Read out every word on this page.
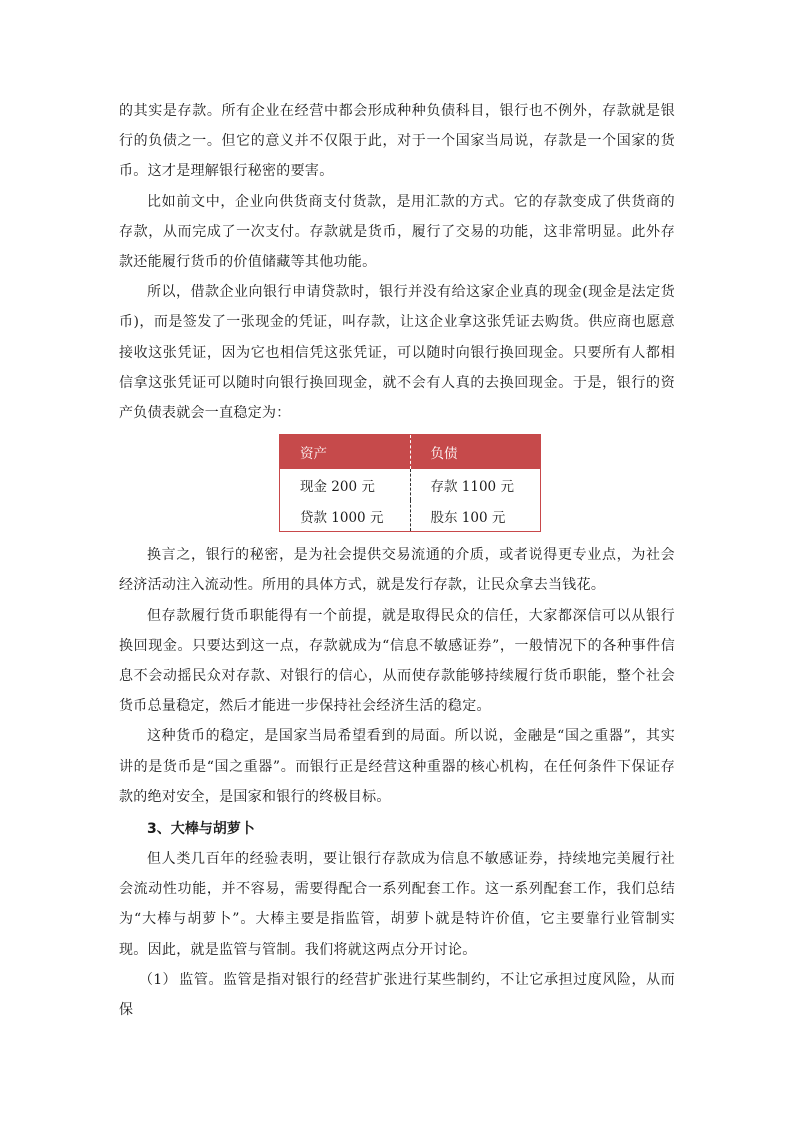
的其实是存款。所有企业在经营中都会形成种种负债科目，银行也不例外，存款就是银行的负债之一。但它的意义并不仅限于此，对于一个国家当局说，存款是一个国家的货币。这才是理解银行秘密的要害。

比如前文中，企业向供货商支付货款，是用汇款的方式。它的存款变成了供货商的存款，从而完成了一次支付。存款就是货币，履行了交易的功能，这非常明显。此外存款还能履行货币的价值储藏等其他功能。

所以，借款企业向银行申请贷款时，银行并没有给这家企业真的现金(现金是法定货币)，而是签发了一张现金的凭证，叫存款，让这企业拿这张凭证去购货。供应商也愿意接收这张凭证，因为它也相信凭这张凭证，可以随时向银行换回现金。只要所有人都相信拿这张凭证可以随时向银行换回现金，就不会有人真的去换回现金。于是，银行的资产负债表就会一直稳定为：

资产	负债
现金 200 元	存款 1100 元
贷款 1000 元	股东 100 元

换言之，银行的秘密，是为社会提供交易流通的介质，或者说得更专业点，为社会经济活动注入流动性。所用的具体方式，就是发行存款，让民众拿去当钱花。

但存款履行货币职能得有一个前提，就是取得民众的信任，大家都深信可以从银行换回现金。只要达到这一点，存款就成为“信息不敏感证券”，一般情况下的各种事件信息不会动摇民众对存款、对银行的信心，从而使存款能够持续履行货币职能，整个社会货币总量稳定，然后才能进一步保持社会经济生活的稳定。

这种货币的稳定，是国家当局希望看到的局面。所以说，金融是“国之重器”，其实讲的是货币是“国之重器”。而银行正是经营这种重器的核心机构，在任何条件下保证存款的绝对安全，是国家和银行的终极目标。

3、大棒与胡萝卜

但人类几百年的经验表明，要让银行存款成为信息不敏感证券，持续地完美履行社会流动性功能，并不容易，需要得配合一系列配套工作。这一系列配套工作，我们总结为“大棒与胡萝卜”。大棒主要是指监管，胡萝卜就是特许价值，它主要靠行业管制实现。因此，就是监管与管制。我们将就这两点分开讨论。

（1） 监管。监管是指对银行的经营扩张进行某些制约，不让它承担过度风险，从而保
